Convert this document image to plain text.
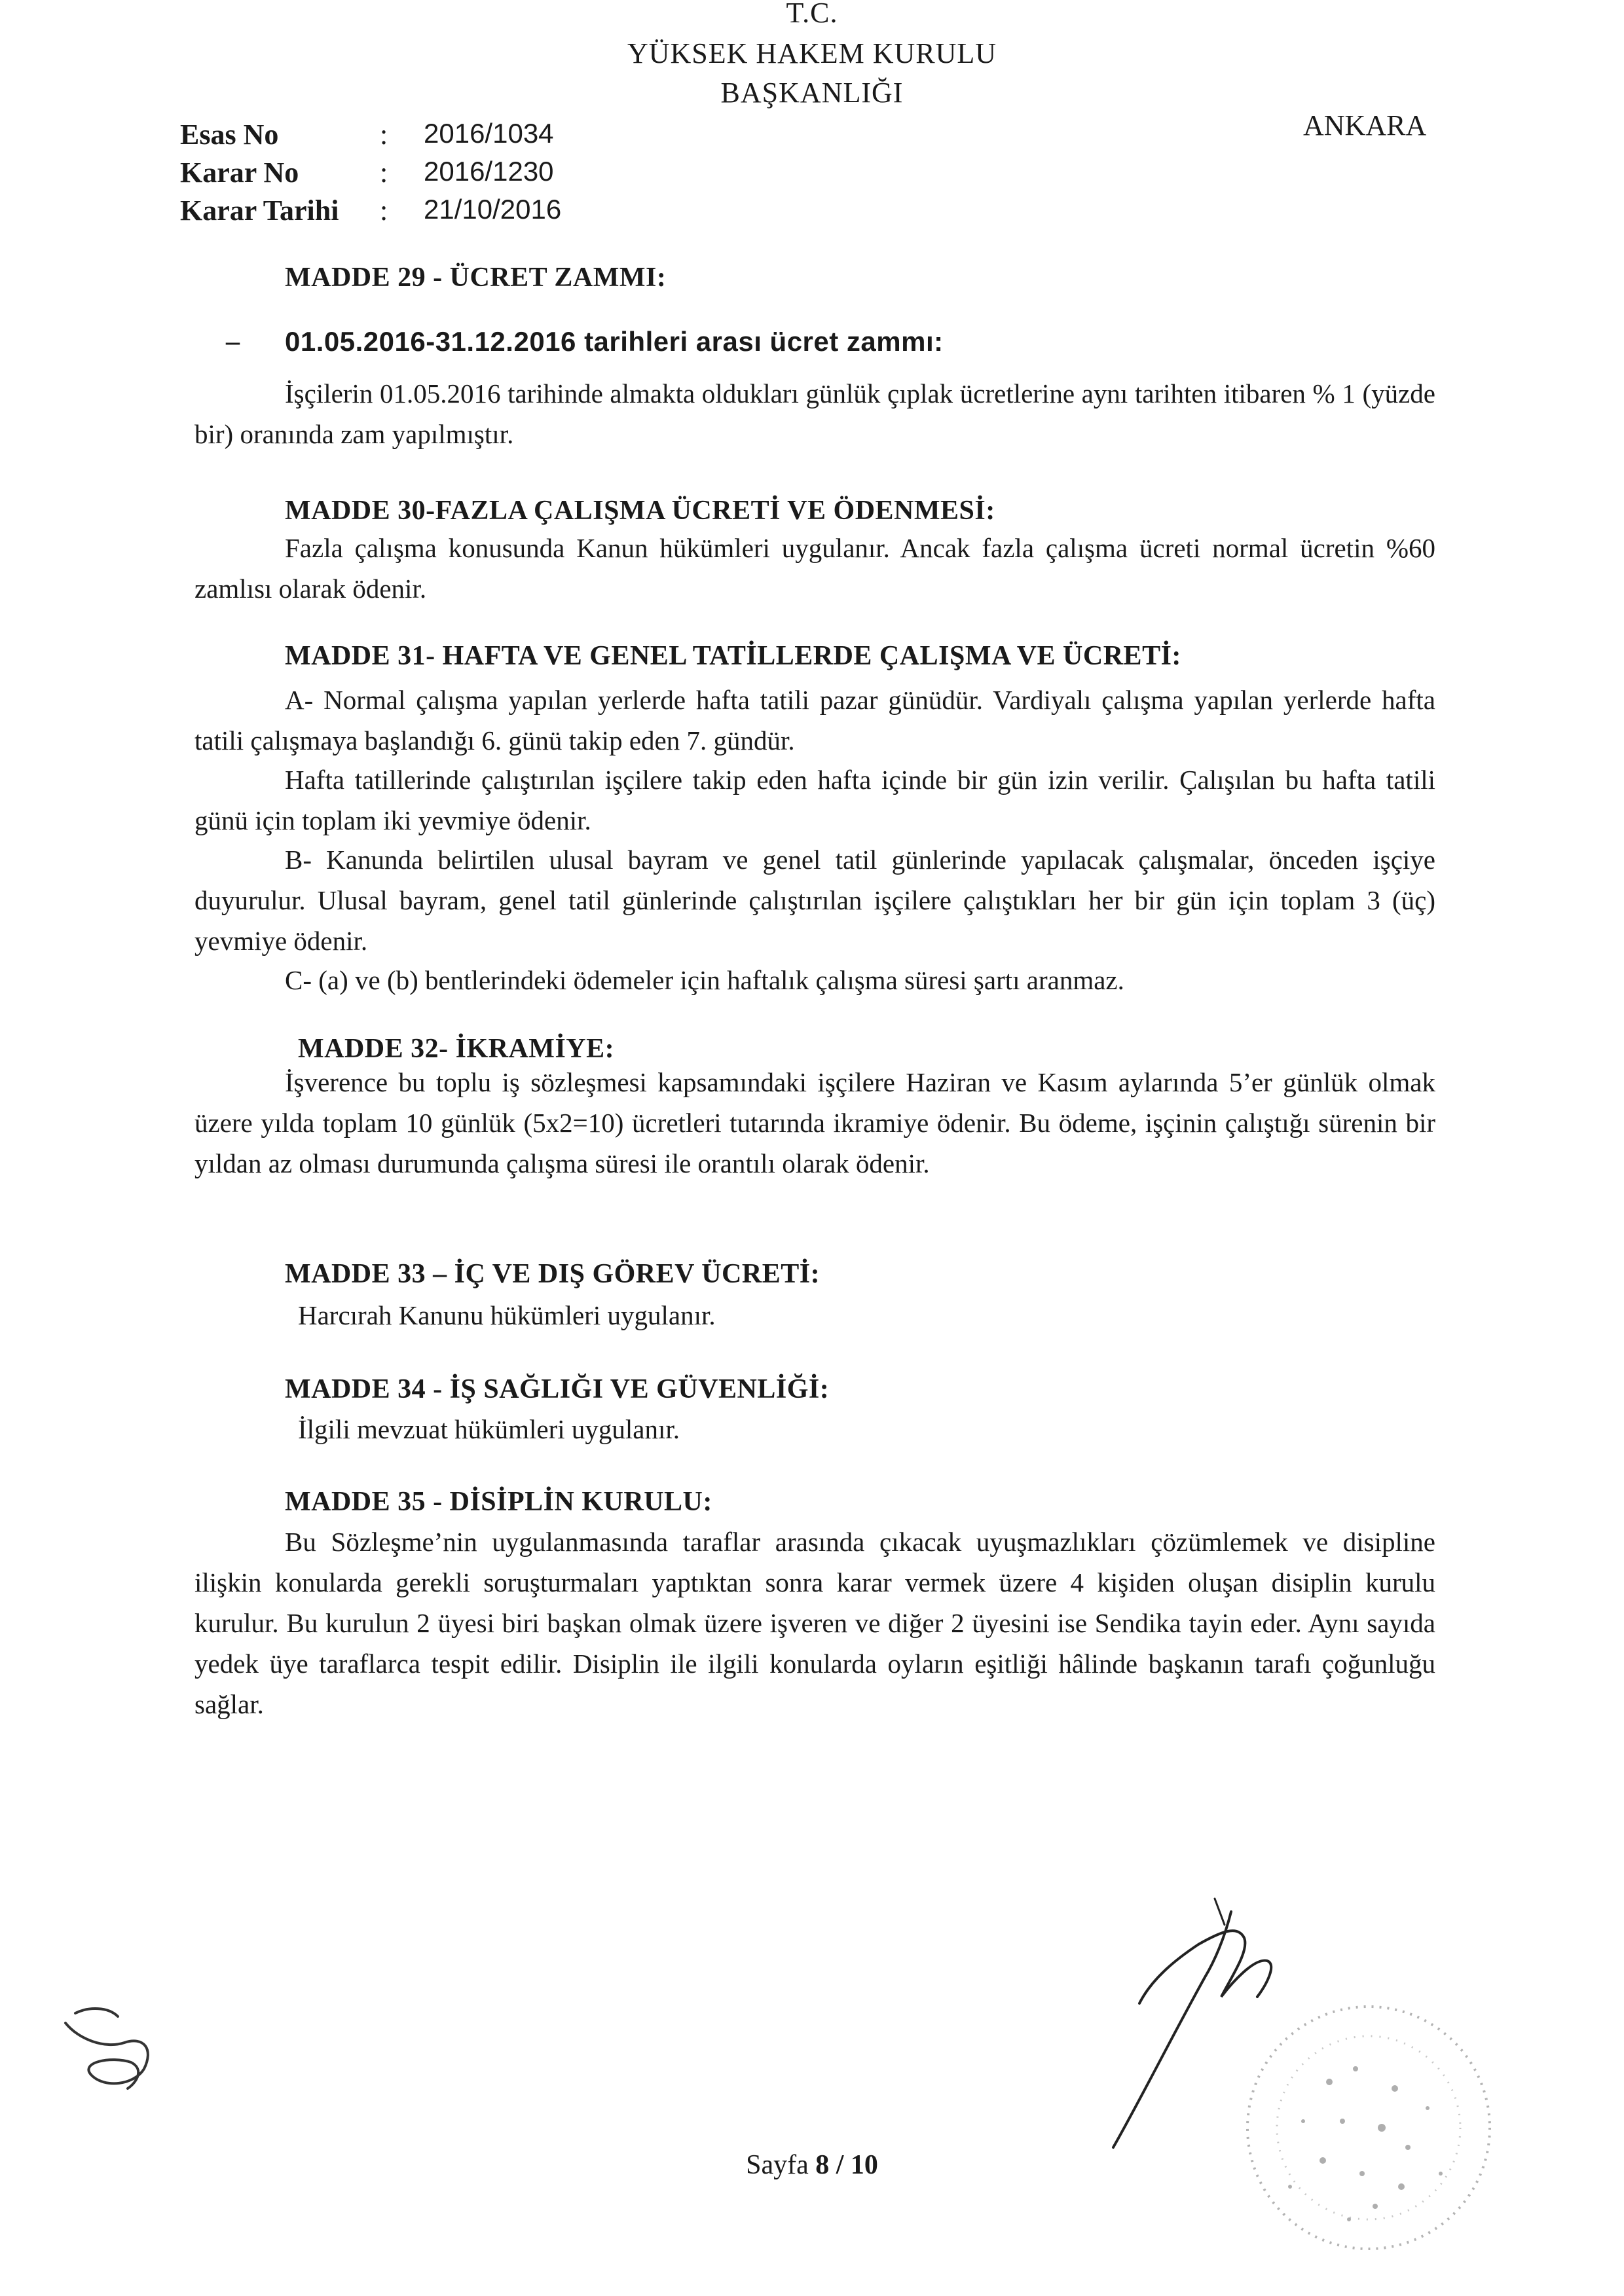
T.C.
YÜKSEK HAKEM KURULU
BAŞKANLIĞI
ANKARA
Esas No	: 2016/1034
Karar No	: 2016/1230
Karar Tarihi : 21/10/2016
MADDE 29 - ÜCRET ZAMMI:
– 01.05.2016-31.12.2016 tarihleri arası ücret zammı:

İşçilerin 01.05.2016 tarihinde almakta oldukları günlük çıplak ücretlerine aynı tarihten itibaren % 1 (yüzde bir) oranında zam yapılmıştır.

MADDE 30-FAZLA ÇALIŞMA ÜCRETİ VE ÖDENMESİ:

Fazla çalışma konusunda Kanun hükümleri uygulanır. Ancak fazla çalışma ücreti normal ücretin %60 zamlısı olarak ödenir.

MADDE 31- HAFTA VE GENEL TATİLLERDE ÇALIŞMA VE ÜCRETİ:

A- Normal çalışma yapılan yerlerde hafta tatili pazar günüdür. Vardiyalı çalışma yapılan yerlerde hafta tatili çalışmaya başlandığı 6. günü takip eden 7. gündür.

Hafta tatillerinde çalıştırılan işçilere takip eden hafta içinde bir gün izin verilir. Çalışılan bu hafta tatili günü için toplam iki yevmiye ödenir.

B- Kanunda belirtilen ulusal bayram ve genel tatil günlerinde yapılacak çalışmalar, önceden işçiye duyurulur. Ulusal bayram, genel tatil günlerinde çalıştırılan işçilere çalıştıkları her bir gün için toplam 3 (üç) yevmiye ödenir.

C- (a) ve (b) bentlerindeki ödemeler için haftalık çalışma süresi şartı aranmaz.

MADDE 32- İKRAMİYE:

İşverence bu toplu iş sözleşmesi kapsamındaki işçilere Haziran ve Kasım aylarında 5’er günlük olmak üzere yılda toplam 10 günlük (5x2=10) ücretleri tutarında ikramiye ödenir. Bu ödeme, işçinin çalıştığı sürenin bir yıldan az olması durumunda çalışma süresi ile orantılı olarak ödenir.

MADDE 33 – İÇ VE DIŞ GÖREV ÜCRETİ:

Harcırah Kanunu hükümleri uygulanır.

MADDE 34 - İŞ SAĞLIĞI VE GÜVENLİĞİ:

İlgili mevzuat hükümleri uygulanır.

MADDE 35 - DİSİPLİN KURULU:

Bu Sözleşme’nin uygulanmasında taraflar arasında çıkacak uyuşmazlıkları çözümlemek ve disipline ilişkin konularda gerekli soruşturmaları yaptıktan sonra karar vermek üzere 4 kişiden oluşan disiplin kurulu kurulur. Bu kurulun 2 üyesi biri başkan olmak üzere işveren ve diğer 2 üyesini ise Sendika tayin eder. Aynı sayıda yedek üye taraflarca tespit edilir. Disiplin ile ilgili konularda oyların eşitliği hâlinde başkanın tarafı çoğunluğu sağlar.

Sayfa 8 / 10
